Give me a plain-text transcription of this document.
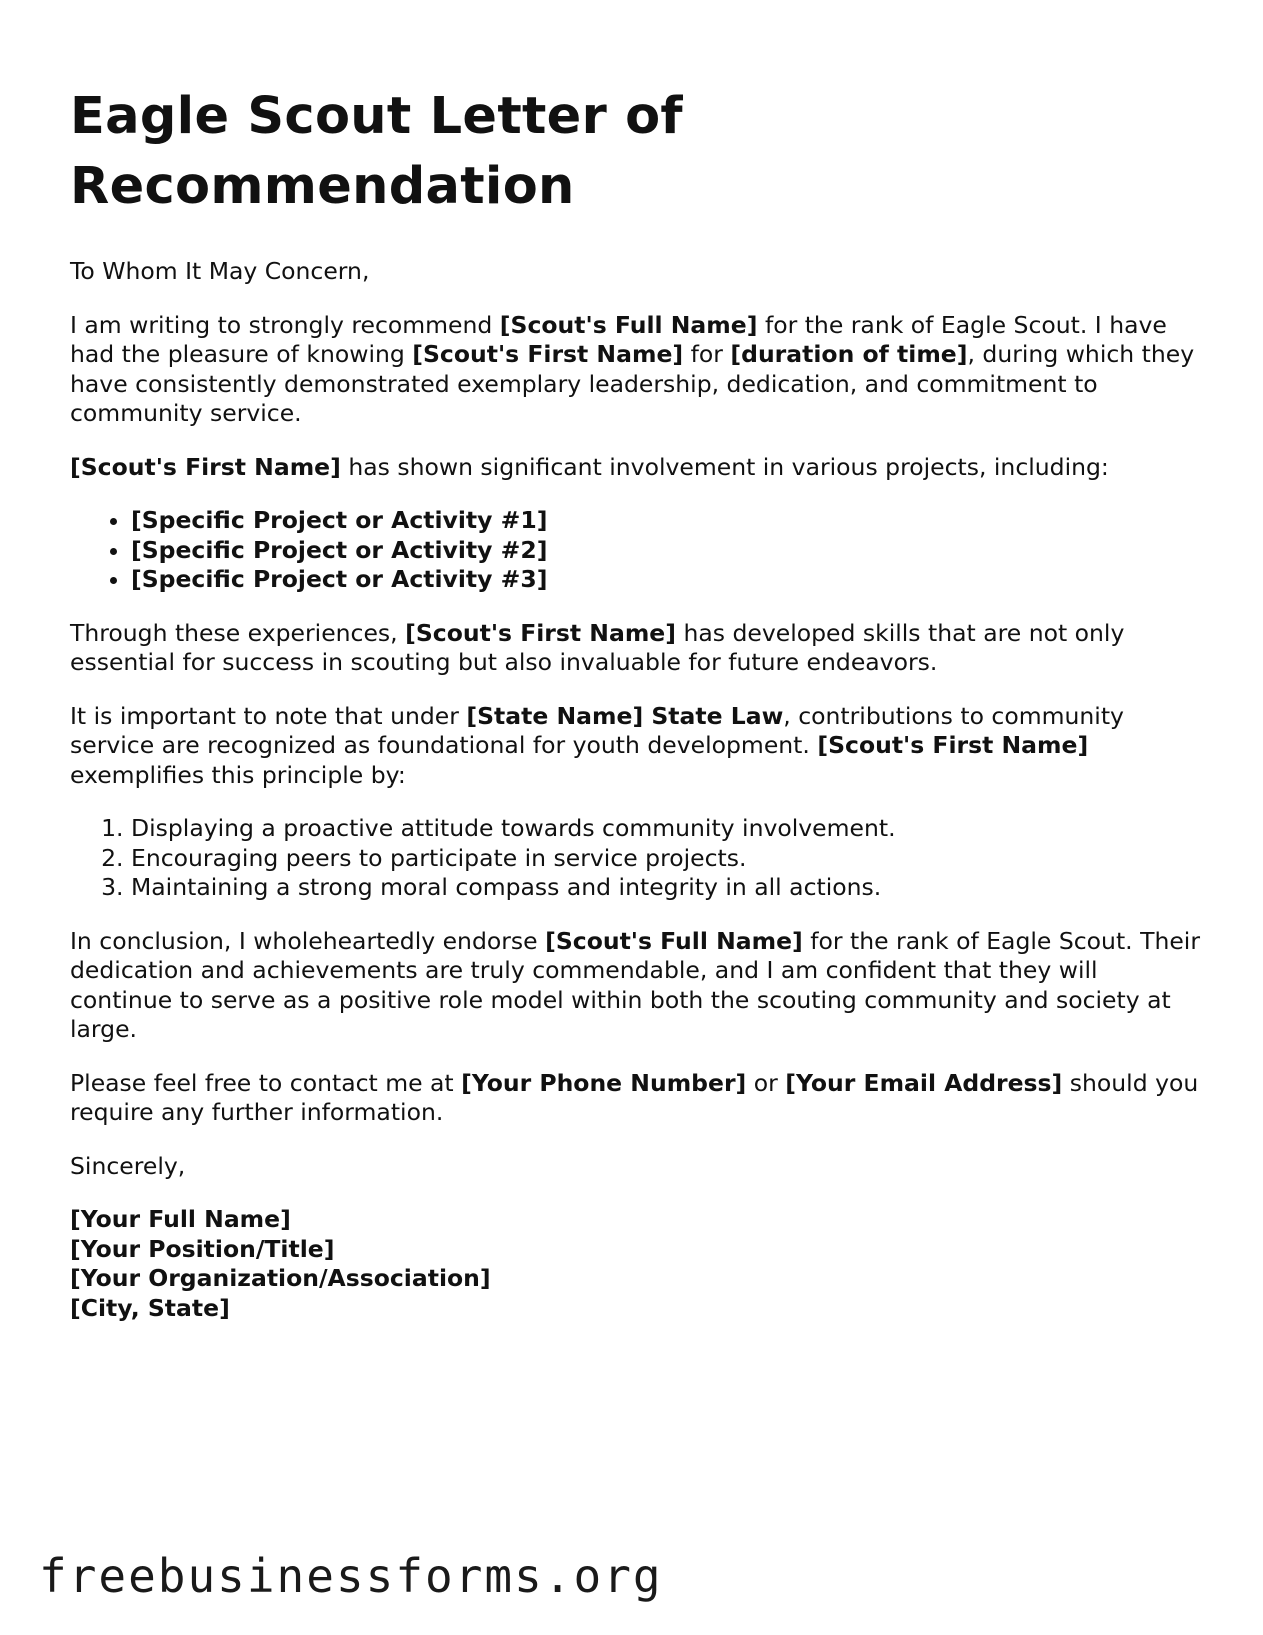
Eagle Scout Letter of Recommendation

To Whom It May Concern,

I am writing to strongly recommend [Scout's Full Name] for the rank of Eagle Scout. I have had the pleasure of knowing [Scout's First Name] for [duration of time], during which they have consistently demonstrated exemplary leadership, dedication, and commitment to community service.

[Scout's First Name] has shown significant involvement in various projects, including:

• [Specific Project or Activity #1]
• [Specific Project or Activity #2]
• [Specific Project or Activity #3]

Through these experiences, [Scout's First Name] has developed skills that are not only essential for success in scouting but also invaluable for future endeavors.

It is important to note that under [State Name] State Law, contributions to community service are recognized as foundational for youth development. [Scout's First Name] exemplifies this principle by:

1. Displaying a proactive attitude towards community involvement.
2. Encouraging peers to participate in service projects.
3. Maintaining a strong moral compass and integrity in all actions.

In conclusion, I wholeheartedly endorse [Scout's Full Name] for the rank of Eagle Scout. Their dedication and achievements are truly commendable, and I am confident that they will continue to serve as a positive role model within both the scouting community and society at large.

Please feel free to contact me at [Your Phone Number] or [Your Email Address] should you require any further information.

Sincerely,

[Your Full Name]
[Your Position/Title]
[Your Organization/Association]
[City, State]
freebusinessforms.org
